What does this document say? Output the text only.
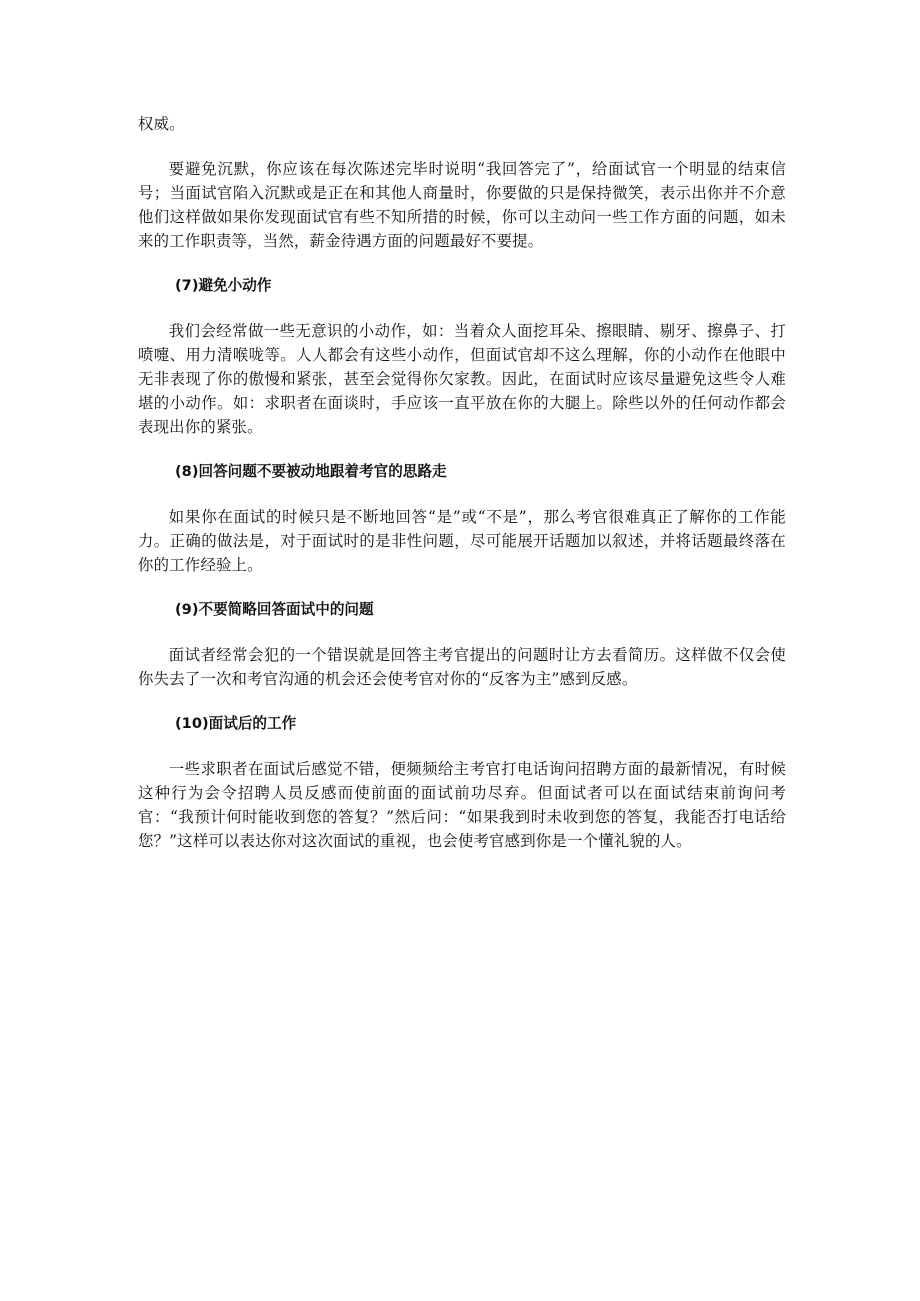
权威。

要避免沉默，你应该在每次陈述完毕时说明“我回答完了”，给面试官一个明显的结束信号；当面试官陷入沉默或是正在和其他人商量时，你要做的只是保持微笑，表示出你并不介意他们这样做如果你发现面试官有些不知所措的时候，你可以主动问一些工作方面的问题，如未来的工作职责等，当然，薪金待遇方面的问题最好不要提。

(7)避免小动作

我们会经常做一些无意识的小动作，如：当着众人面挖耳朵、擦眼睛、剔牙、擦鼻子、打喷嚏、用力清喉咙等。人人都会有这些小动作，但面试官却不这么理解，你的小动作在他眼中无非表现了你的傲慢和紧张，甚至会觉得你欠家教。因此，在面试时应该尽量避免这些令人难堪的小动作。如：求职者在面谈时，手应该一直平放在你的大腿上。除些以外的任何动作都会表现出你的紧张。

(8)回答问题不要被动地跟着考官的思路走

如果你在面试的时候只是不断地回答“是”或“不是”，那么考官很难真正了解你的工作能力。正确的做法是，对于面试时的是非性问题，尽可能展开话题加以叙述，并将话题最终落在你的工作经验上。

(9)不要简略回答面试中的问题

面试者经常会犯的一个错误就是回答主考官提出的问题时让方去看简历。这样做不仅会使你失去了一次和考官沟通的机会还会使考官对你的“反客为主”感到反感。

(10)面试后的工作

一些求职者在面试后感觉不错，便频频给主考官打电话询问招聘方面的最新情况，有时候这种行为会令招聘人员反感而使前面的面试前功尽弃。但面试者可以在面试结束前询问考官：“我预计何时能收到您的答复？”然后问：“如果我到时未收到您的答复，我能否打电话给您？”这样可以表达你对这次面试的重视，也会使考官感到你是一个懂礼貌的人。
